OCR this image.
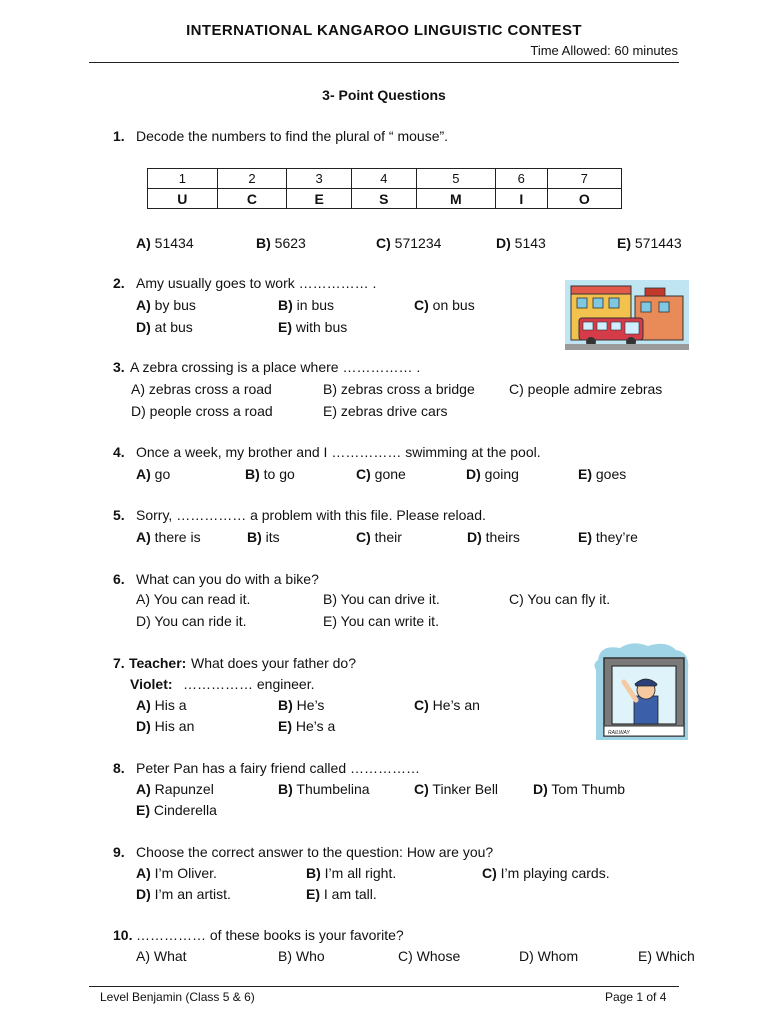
INTERNATIONAL KANGAROO LINGUISTIC CONTEST
Time Allowed: 60 minutes
3- Point Questions
1. Decode the numbers to find the plural of “ mouse”.
1	2	3	4	5	6	7
U	C	E	S	M	I	O
A) 51434	B) 5623	C) 571234	D) 5143	E) 571443
2. Amy usually goes to work …………… .
A) by bus	B) in bus	C) on bus
D) at bus	E) with bus
3. A zebra crossing is a place where …………… .
A) zebras cross a road	B) zebras cross a bridge C) people admire zebras
D) people cross a road	E) zebras drive cars
4. Once a week, my brother and I …………… swimming at the pool.
A) go	B) to go	C) gone	D) going	E) goes
5. Sorry, …………… a problem with this file. Please reload.
A) there is	B) its	C) their	D) theirs	E) they’re
6. What can you do with a bike?
A) You can read it.	B) You can drive it.	C) You can fly it.
D) You can ride it.	E) You can write it.
7. Teacher: What does your father do?
Violet: …………… engineer.
A) His a	B) He’s	C) He’s an
D) His an	E) He’s a	RAILWAY
8. Peter Pan has a fairy friend called ……………
A) Rapunzel	B) Thumbelina	C) Tinker Bell D) Tom Thumb
E) Cinderella
9. Choose the correct answer to the question: How are you?
A) I’m Oliver.	B) I’m all right.	C) I’m playing cards.
D) I’m an artist.	E) I am tall.
10. …………… of these books is your favorite?
A) What	B) Who	C) Whose	D) Whom	E) Which
Level Benjamin (Class 5 & 6)	Page 1 of 4
